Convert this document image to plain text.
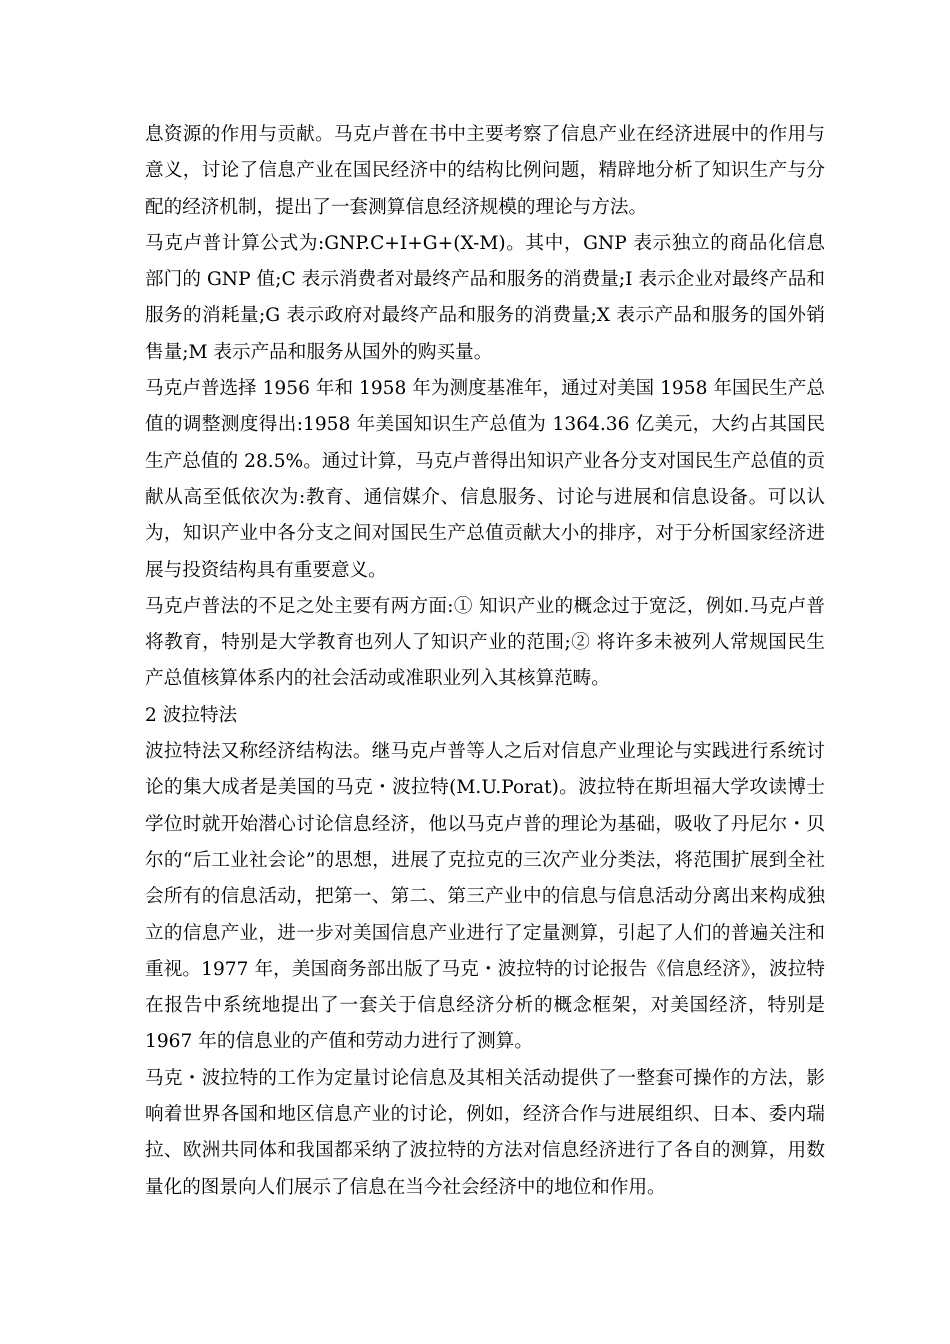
息资源的作用与贡献。马克卢普在书中主要考察了信息产业在经济进展中的作用与意义，讨论了信息产业在国民经济中的结构比例问题，精辟地分析了知识生产与分配的经济机制，提出了一套测算信息经济规模的理论与方法。

马克卢普计算公式为:GNP.C+I+G+(X-M)。其中，GNP 表示独立的商品化信息部门的 GNP 值;C 表示消费者对最终产品和服务的消费量;I 表示企业对最终产品和服务的消耗量;G 表示政府对最终产品和服务的消费量;X 表示产品和服务的国外销售量;M 表示产品和服务从国外的购买量。

马克卢普选择 1956 年和 1958 年为测度基准年，通过对美国 1958 年国民生产总值的调整测度得出:1958 年美国知识生产总值为 1364.36 亿美元，大约占其国民生产总值的 28.5%。通过计算，马克卢普得出知识产业各分支对国民生产总值的贡献从高至低依次为:教育、通信媒介、信息服务、讨论与进展和信息设备。可以认为，知识产业中各分支之间对国民生产总值贡献大小的排序，对于分析国家经济进展与投资结构具有重要意义。

马克卢普法的不足之处主要有两方面:① 知识产业的概念过于宽泛，例如.马克卢普将教育，特别是大学教育也列人了知识产业的范围;② 将许多未被列人常规国民生产总值核算体系内的社会活动或准职业列入其核算范畴。

2 波拉特法

波拉特法又称经济结构法。继马克卢普等人之后对信息产业理论与实践进行系统讨论的集大成者是美国的马克・波拉特(M.U.Porat)。波拉特在斯坦福大学攻读博士学位时就开始潜心讨论信息经济，他以马克卢普的理论为基础，吸收了丹尼尔・贝尔的“后工业社会论”的思想，进展了克拉克的三次产业分类法，将范围扩展到全社会所有的信息活动，把第一、第二、第三产业中的信息与信息活动分离出来构成独立的信息产业，进一步对美国信息产业进行了定量测算，引起了人们的普遍关注和重视。1977 年，美国商务部出版了马克・波拉特的讨论报告《信息经济》，波拉特在报告中系统地提出了一套关于信息经济分析的概念框架，对美国经济，特别是 1967 年的信息业的产值和劳动力进行了测算。

马克・波拉特的工作为定量讨论信息及其相关活动提供了一整套可操作的方法，影响着世界各国和地区信息产业的讨论，例如，经济合作与进展组织、日本、委内瑞拉、欧洲共同体和我国都采纳了波拉特的方法对信息经济进行了各自的测算，用数量化的图景向人们展示了信息在当今社会经济中的地位和作用。
